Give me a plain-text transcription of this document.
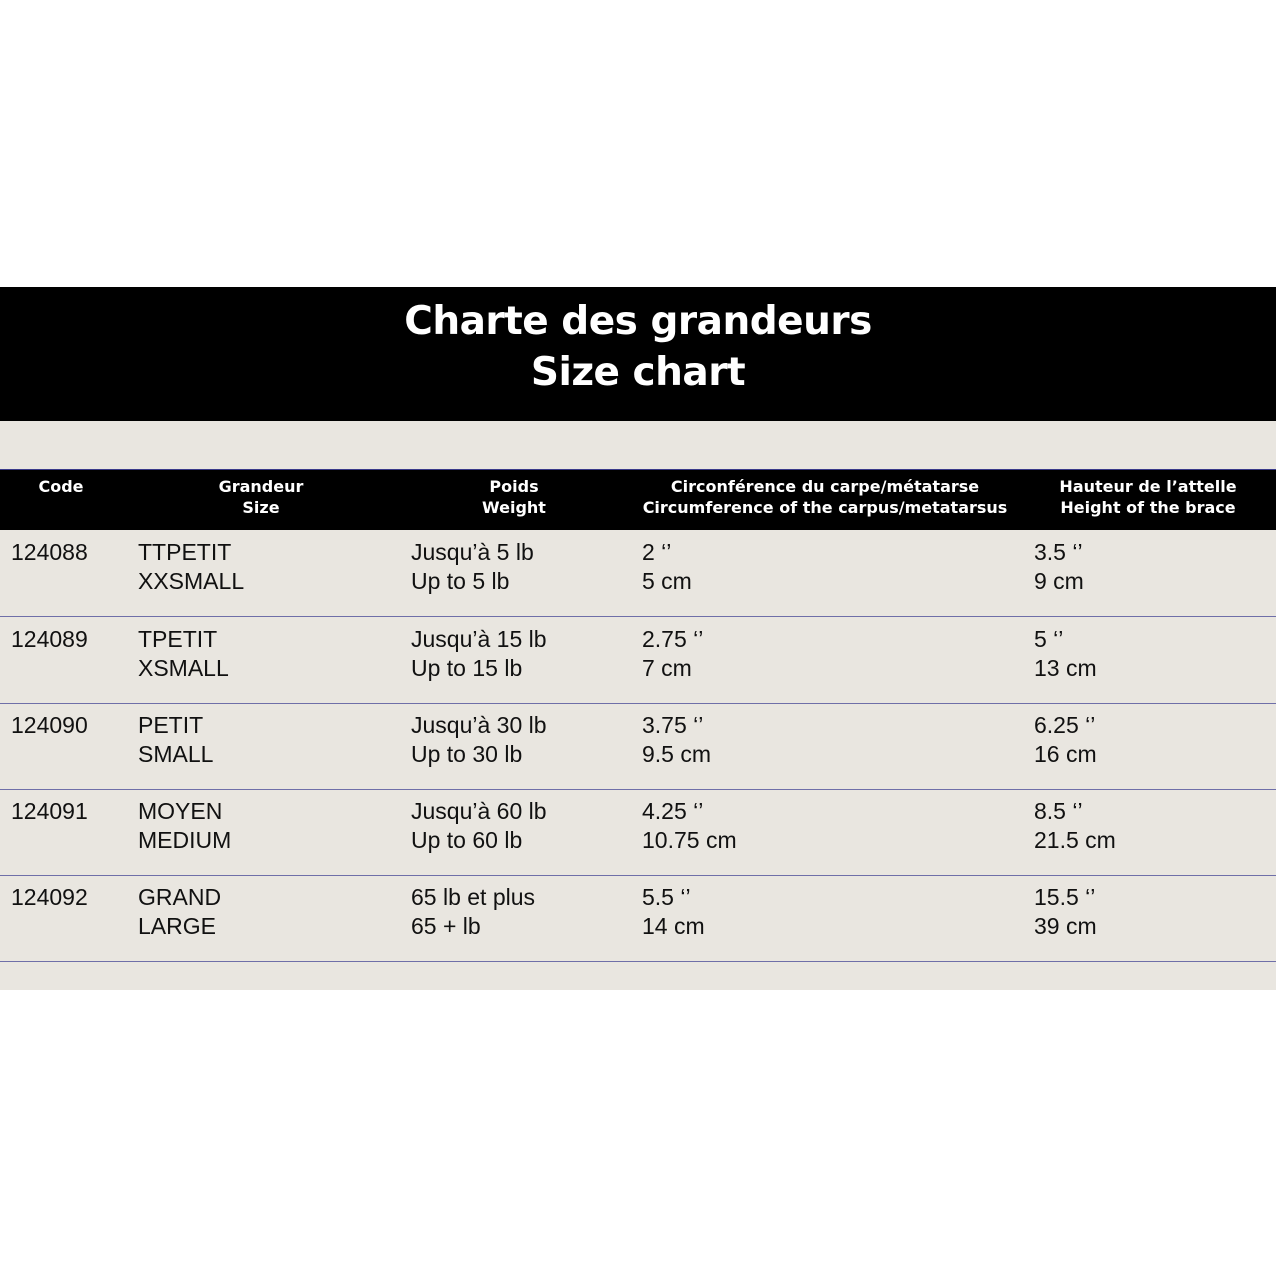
Charte des grandeurs
Size chart
Code	Grandeur
Size
Poids
Weight
Circonférence du carpe/métatarse
Circumference of the carpus/metatarsus
Hauteur de l’attelle
Height of the brace
124088 TTPETIT
XXSMALL
Jusqu’à 5 lb
Up to 5 lb
2 ‘’
5 cm
3.5 ‘’
9 cm
124089 TPETIT
XSMALL
Jusqu’à 15 lb
Up to 15 lb
2.75 ‘’
7 cm
5 ‘’
13 cm
124090 PETIT
SMALL
Jusqu’à 30 lb
Up to 30 lb
3.75 ‘’
9.5 cm
6.25 ‘’
16 cm
124091 MOYEN
MEDIUM
Jusqu’à 60 lb
Up to 60 lb
4.25 ‘’
10.75 cm
8.5 ‘’
21.5 cm
124092 GRAND
LARGE
65 lb et plus
65 + lb
5.5 ‘’
14 cm
15.5 ‘’
39 cm
